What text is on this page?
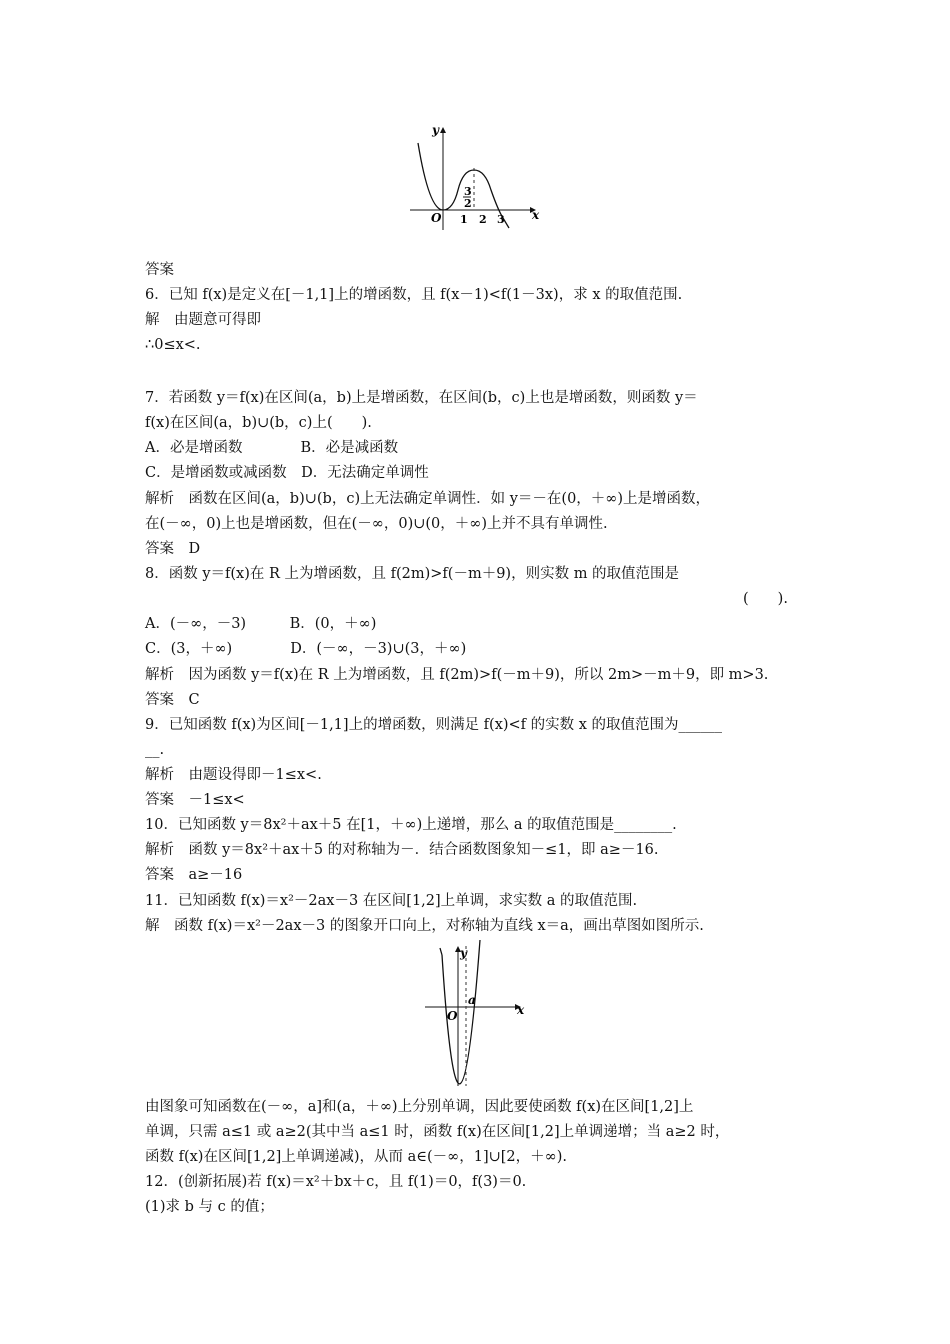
y
x
O 1 2 3
3
2
答案
6．已知 f(x)是定义在[－1,1]上的增函数，且 f(x－1)<f(1－3x)，求 x 的取值范围.
解　由题意可得即
∴0≤x<.
7．若函数 y＝f(x)在区间(a，b)上是增函数，在区间(b，c)上也是增函数，则函数 y＝
f(x)在区间(a，b)∪(b，c)上(　　).
A．必是增函数　　　　B．必是减函数
C．是增函数或减函数　D．无法确定单调性
解析　函数在区间(a，b)∪(b，c)上无法确定单调性．如 y＝－在(0，＋∞)上是增函数，
在(－∞，0)上也是增函数，但在(－∞，0)∪(0，＋∞)上并不具有单调性.
答案　D
8．函数 y＝f(x)在 R 上为增函数，且 f(2m)>f(－m＋9)，则实数 m 的取值范围是
(　　).
A．(－∞，－3)　　　B．(0，＋∞)
C．(3，＋∞)　　　　D．(－∞，－3)∪(3，＋∞)
解析　因为函数 y＝f(x)在 R 上为增函数，且 f(2m)>f(－m＋9)，所以 2m>－m＋9，即 m>3.
答案　C
9．已知函数 f(x)为区间[－1,1]上的增函数，则满足 f(x)<f 的实数 x 的取值范围为______
__.
解析　由题设得即－1≤x<.
答案　－1≤x<
10．已知函数 y＝8x²＋ax＋5 在[1，＋∞)上递增，那么 a 的取值范围是________.
解析　函数 y＝8x²＋ax＋5 的对称轴为－．结合函数图象知－≤1，即 a≥－16.
答案　a≥－16
11．已知函数 f(x)＝x²－2ax－3 在区间[1,2]上单调，求实数 a 的取值范围.
解　函数 f(x)＝x²－2ax－3 的图象开口向上，对称轴为直线 x＝a，画出草图如图所示.
y
x
O
a
由图象可知函数在(－∞，a]和(a，＋∞)上分别单调，因此要使函数 f(x)在区间[1,2]上
单调，只需 a≤1 或 a≥2(其中当 a≤1 时，函数 f(x)在区间[1,2]上单调递增；当 a≥2 时，
函数 f(x)在区间[1,2]上单调递减)，从而 a∈(－∞，1]∪[2，＋∞).
12．(创新拓展)若 f(x)＝x²＋bx＋c，且 f(1)＝0，f(3)＝0.
(1)求 b 与 c 的值；
